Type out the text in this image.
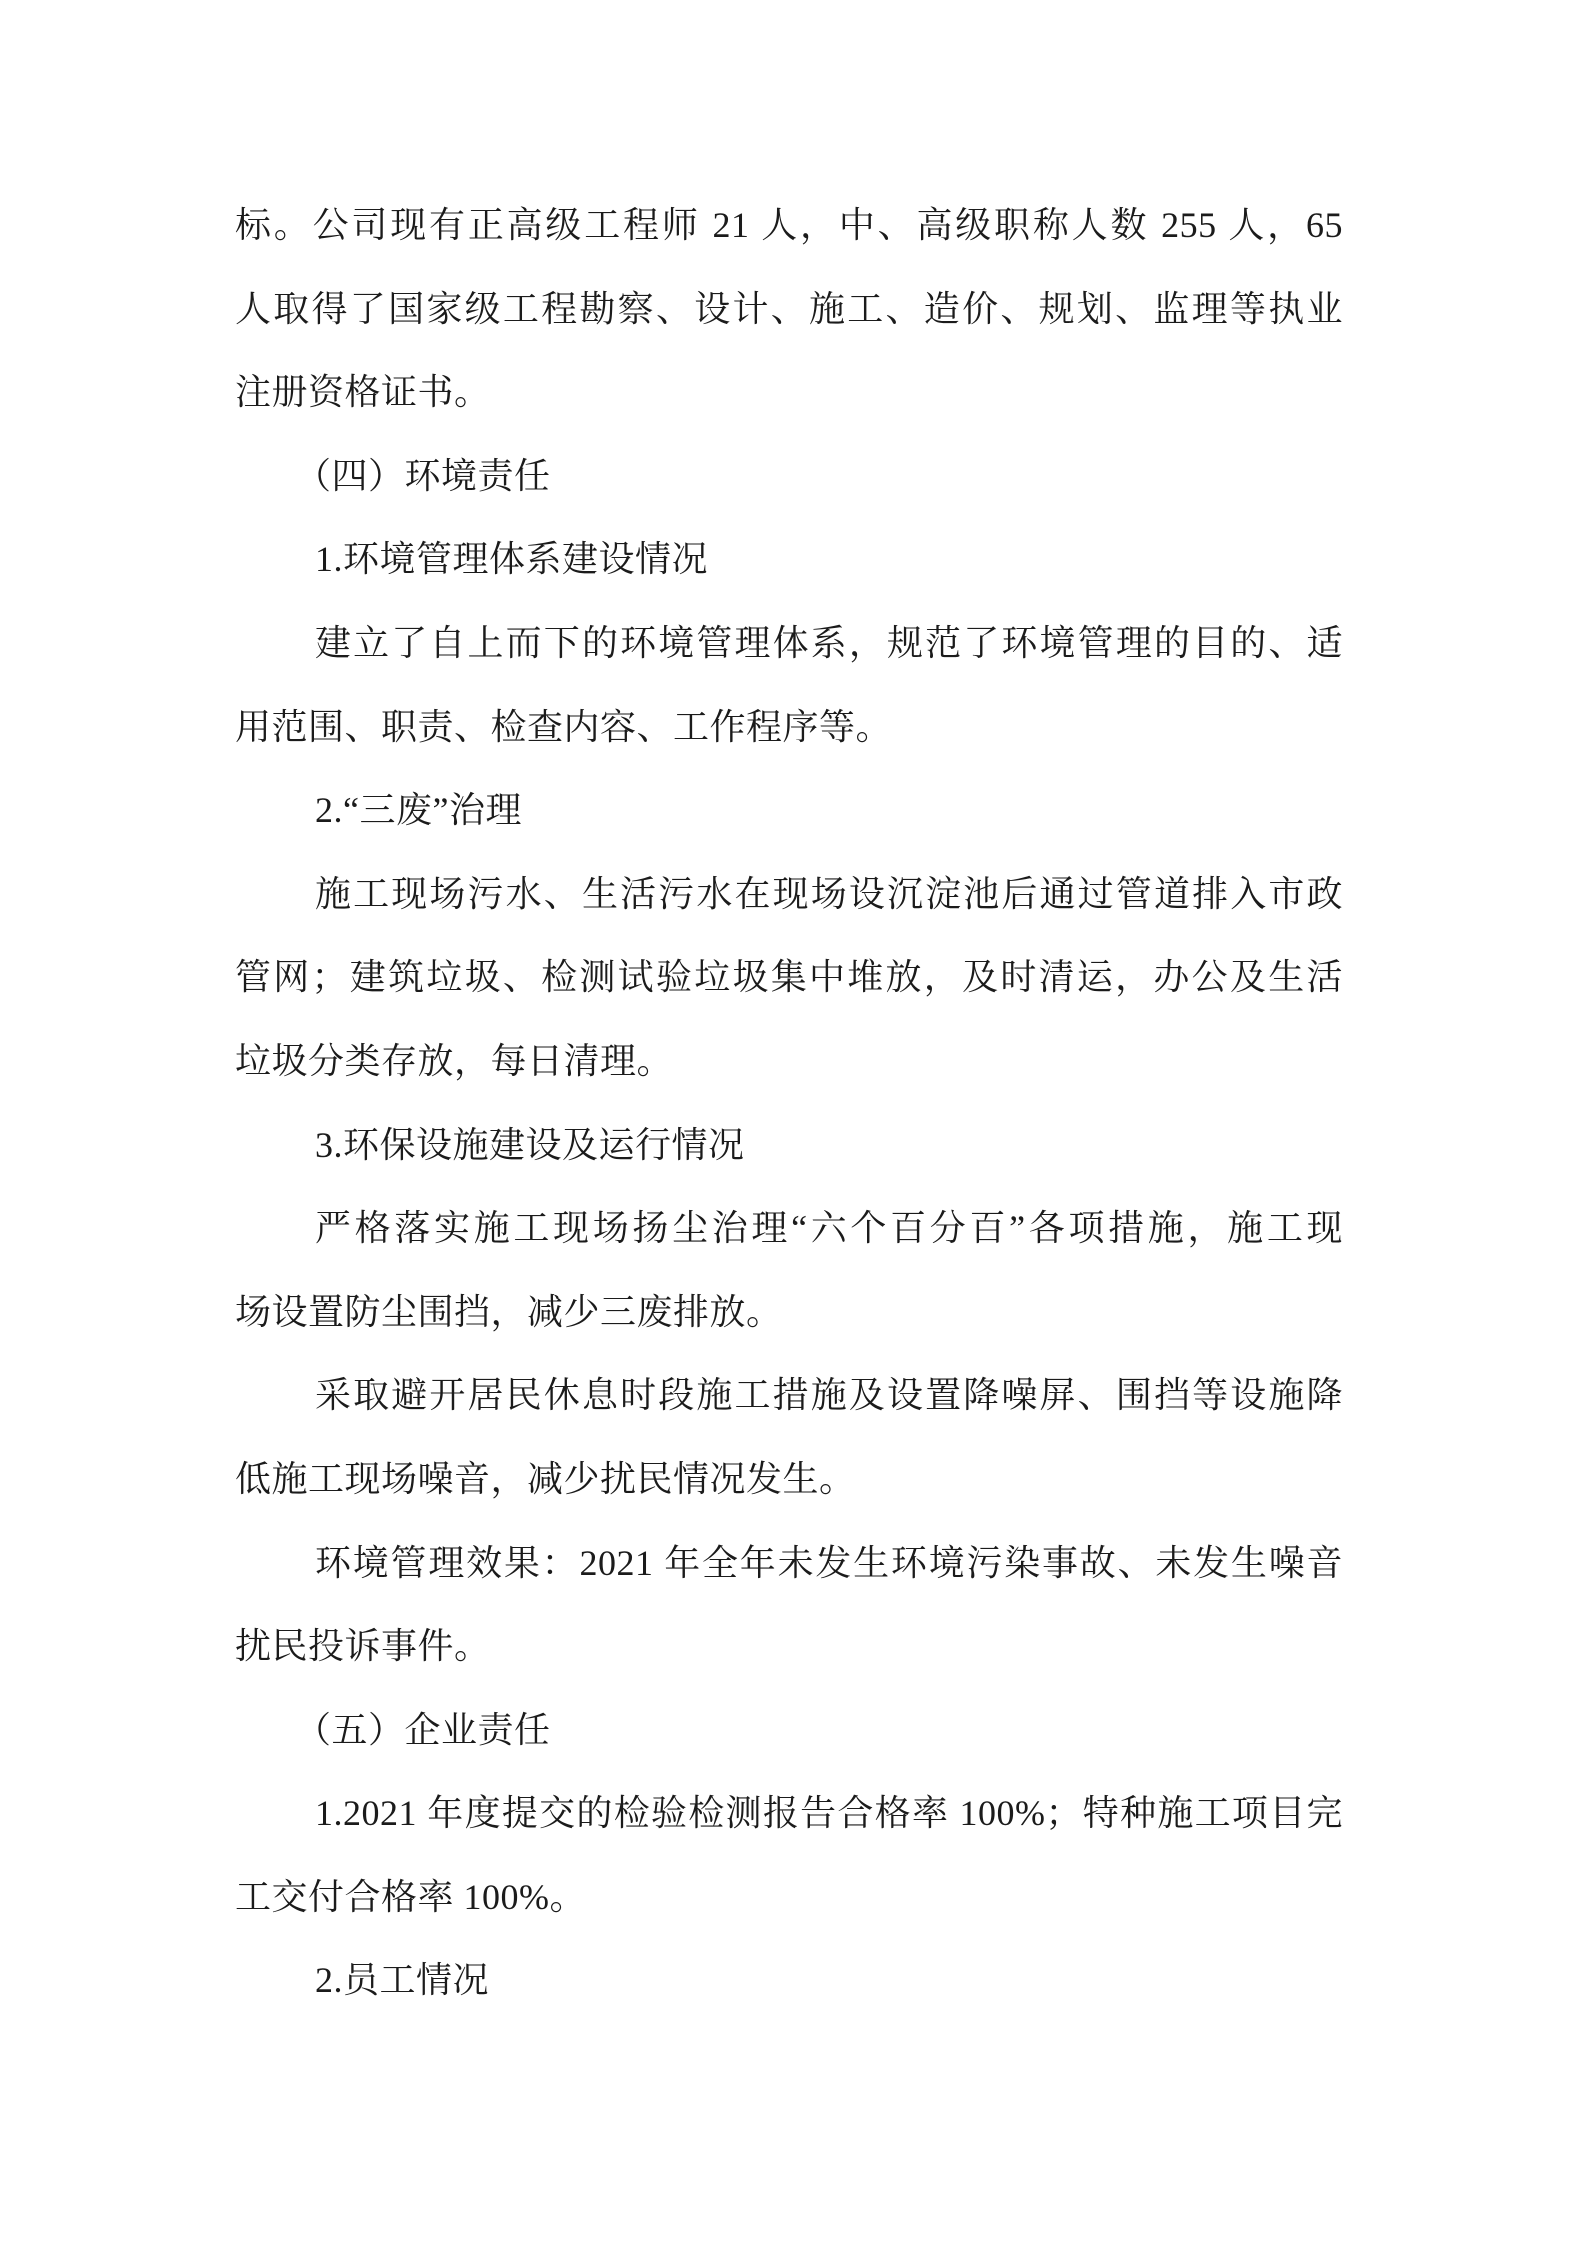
标。公司现有正高级工程师 21 人，中、高级职称人数 255 人，65
人取得了国家级工程勘察、设计、施工、造价、规划、监理等执业
注册资格证书。
（四）环境责任
1.环境管理体系建设情况
建立了自上而下的环境管理体系，规范了环境管理的目的、适
用范围、职责、检查内容、工作程序等。
2.“三废”治理
施工现场污水、生活污水在现场设沉淀池后通过管道排入市政
管网；建筑垃圾、检测试验垃圾集中堆放，及时清运，办公及生活
垃圾分类存放，每日清理。
3.环保设施建设及运行情况
严格落实施工现场扬尘治理“六个百分百”各项措施，施工现
场设置防尘围挡，减少三废排放。
采取避开居民休息时段施工措施及设置降噪屏、围挡等设施降
低施工现场噪音，减少扰民情况发生。
环境管理效果：2021 年全年未发生环境污染事故、未发生噪音
扰民投诉事件。
（五）企业责任
1.2021 年度提交的检验检测报告合格率 100%；特种施工项目完
工交付合格率 100%。
2.员工情况
